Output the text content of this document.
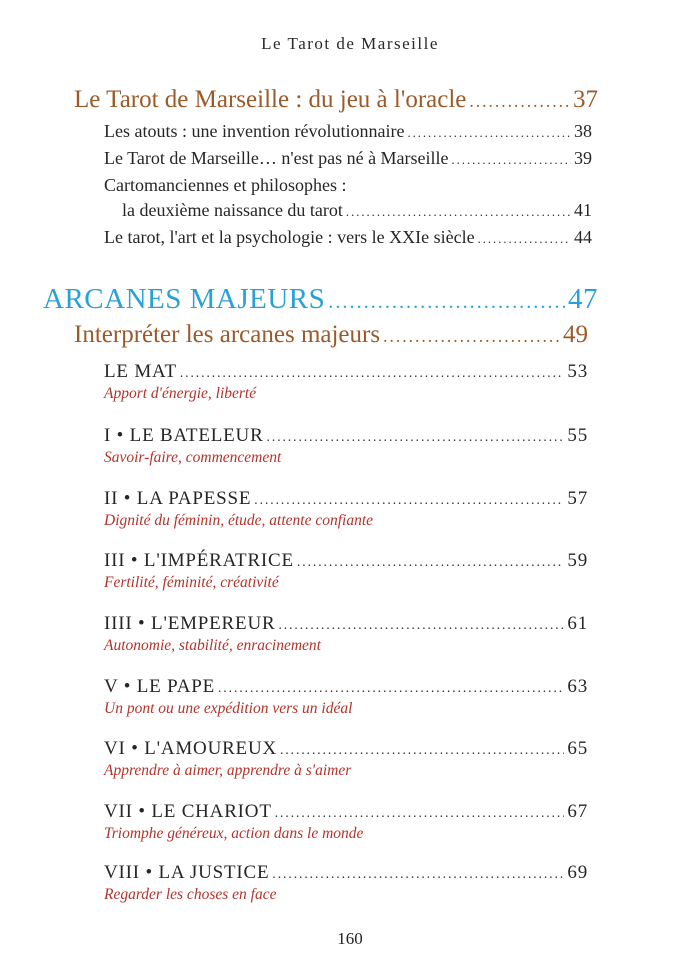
Le Tarot de Marseille
Le Tarot de Marseille : du jeu à l'oracle .....	37
Les atouts : une invention révolutionnaire .....	38
Le Tarot de Marseille… n'est pas né à Marseille .....	39
Cartomanciennes et philosophes :
la deuxième naissance du tarot .....	41
Le tarot, l'art et la psychologie : vers le XXIe siècle .....	44
ARCANES MAJEURS .....	47
Interpréter les arcanes majeurs .....	49
LE MAT .....	53
Apport d'énergie, liberté
I • LE BATELEUR .....	55
Savoir-faire, commencement
II • LA PAPESSE .....	57
Dignité du féminin, étude, attente confiante
III • L'IMPÉRATRICE .....	59
Fertilité, féminité, créativité
IIII • L'EMPEREUR .....	61
Autonomie, stabilité, enracinement
V • LE PAPE .....	63
Un pont ou une expédition vers un idéal
VI • L'AMOUREUX .....	65
Apprendre à aimer, apprendre à s'aimer
VII • LE CHARIOT .....	67
Triomphe généreux, action dans le monde
VIII • LA JUSTICE .....	69
Regarder les choses en face
160
